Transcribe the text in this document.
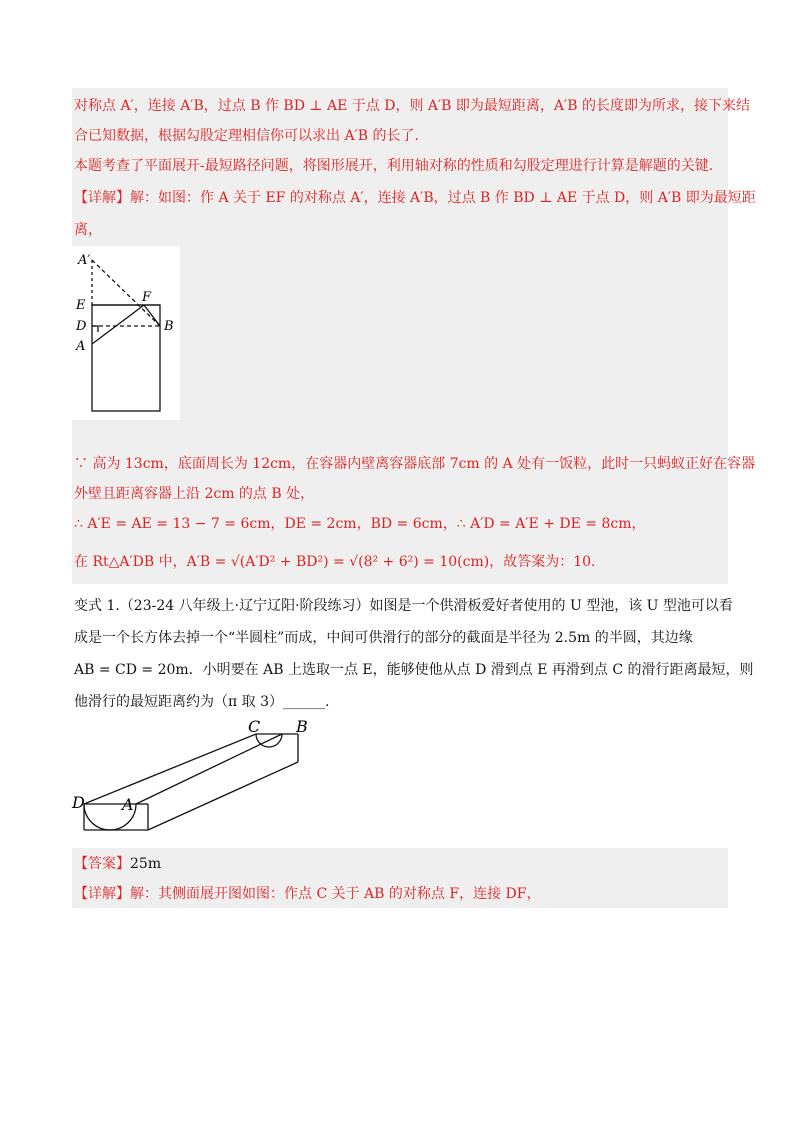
对称点 A′，连接 A′B，过点 B 作 BD ⊥ AE 于点 D，则 A′B 即为最短距离，A′B 的长度即为所求，接下来结
合已知数据，根据勾股定理相信你可以求出 A′B 的长了.
本题考查了平面展开-最短路径问题，将图形展开，利用轴对称的性质和勾股定理进行计算是解题的关键.
【详解】解：如图：作 A 关于 EF 的对称点 A′，连接 A′B，过点 B 作 BD ⊥ AE 于点 D，则 A′B 即为最短距
离，
A′
E
F
D	B
A
∵ 高为 13cm，底面周长为 12cm，在容器内壁离容器底部 7cm 的 A 处有一饭粒，此时一只蚂蚁正好在容器
外壁且距离容器上沿 2cm 的点 B 处，
∴ A′E = AE = 13 − 7 = 6cm，DE = 2cm，BD = 6cm，∴ A′D = A′E + DE = 8cm，
在 Rt△A′DB 中，A′B = √(A′D² + BD²) = √(8² + 6²) = 10(cm)，故答案为：10.
变式 1.（23-24 八年级上·辽宁辽阳·阶段练习）如图是一个供滑板爱好者使用的 U 型池，该 U 型池可以看
成是一个长方体去掉一个“半圆柱”而成，中间可供滑行的部分的截面是半径为 2.5m 的半圆，其边缘
AB = CD = 20m．小明要在 AB 上选取一点 E，能够使他从点 D 滑到点 E 再滑到点 C 的滑行距离最短，则
他滑行的最短距离约为（π 取 3）______.
C B
D A
【答案】25m
【详解】解：其侧面展开图如图：作点 C 关于 AB 的对称点 F，连接 DF，
